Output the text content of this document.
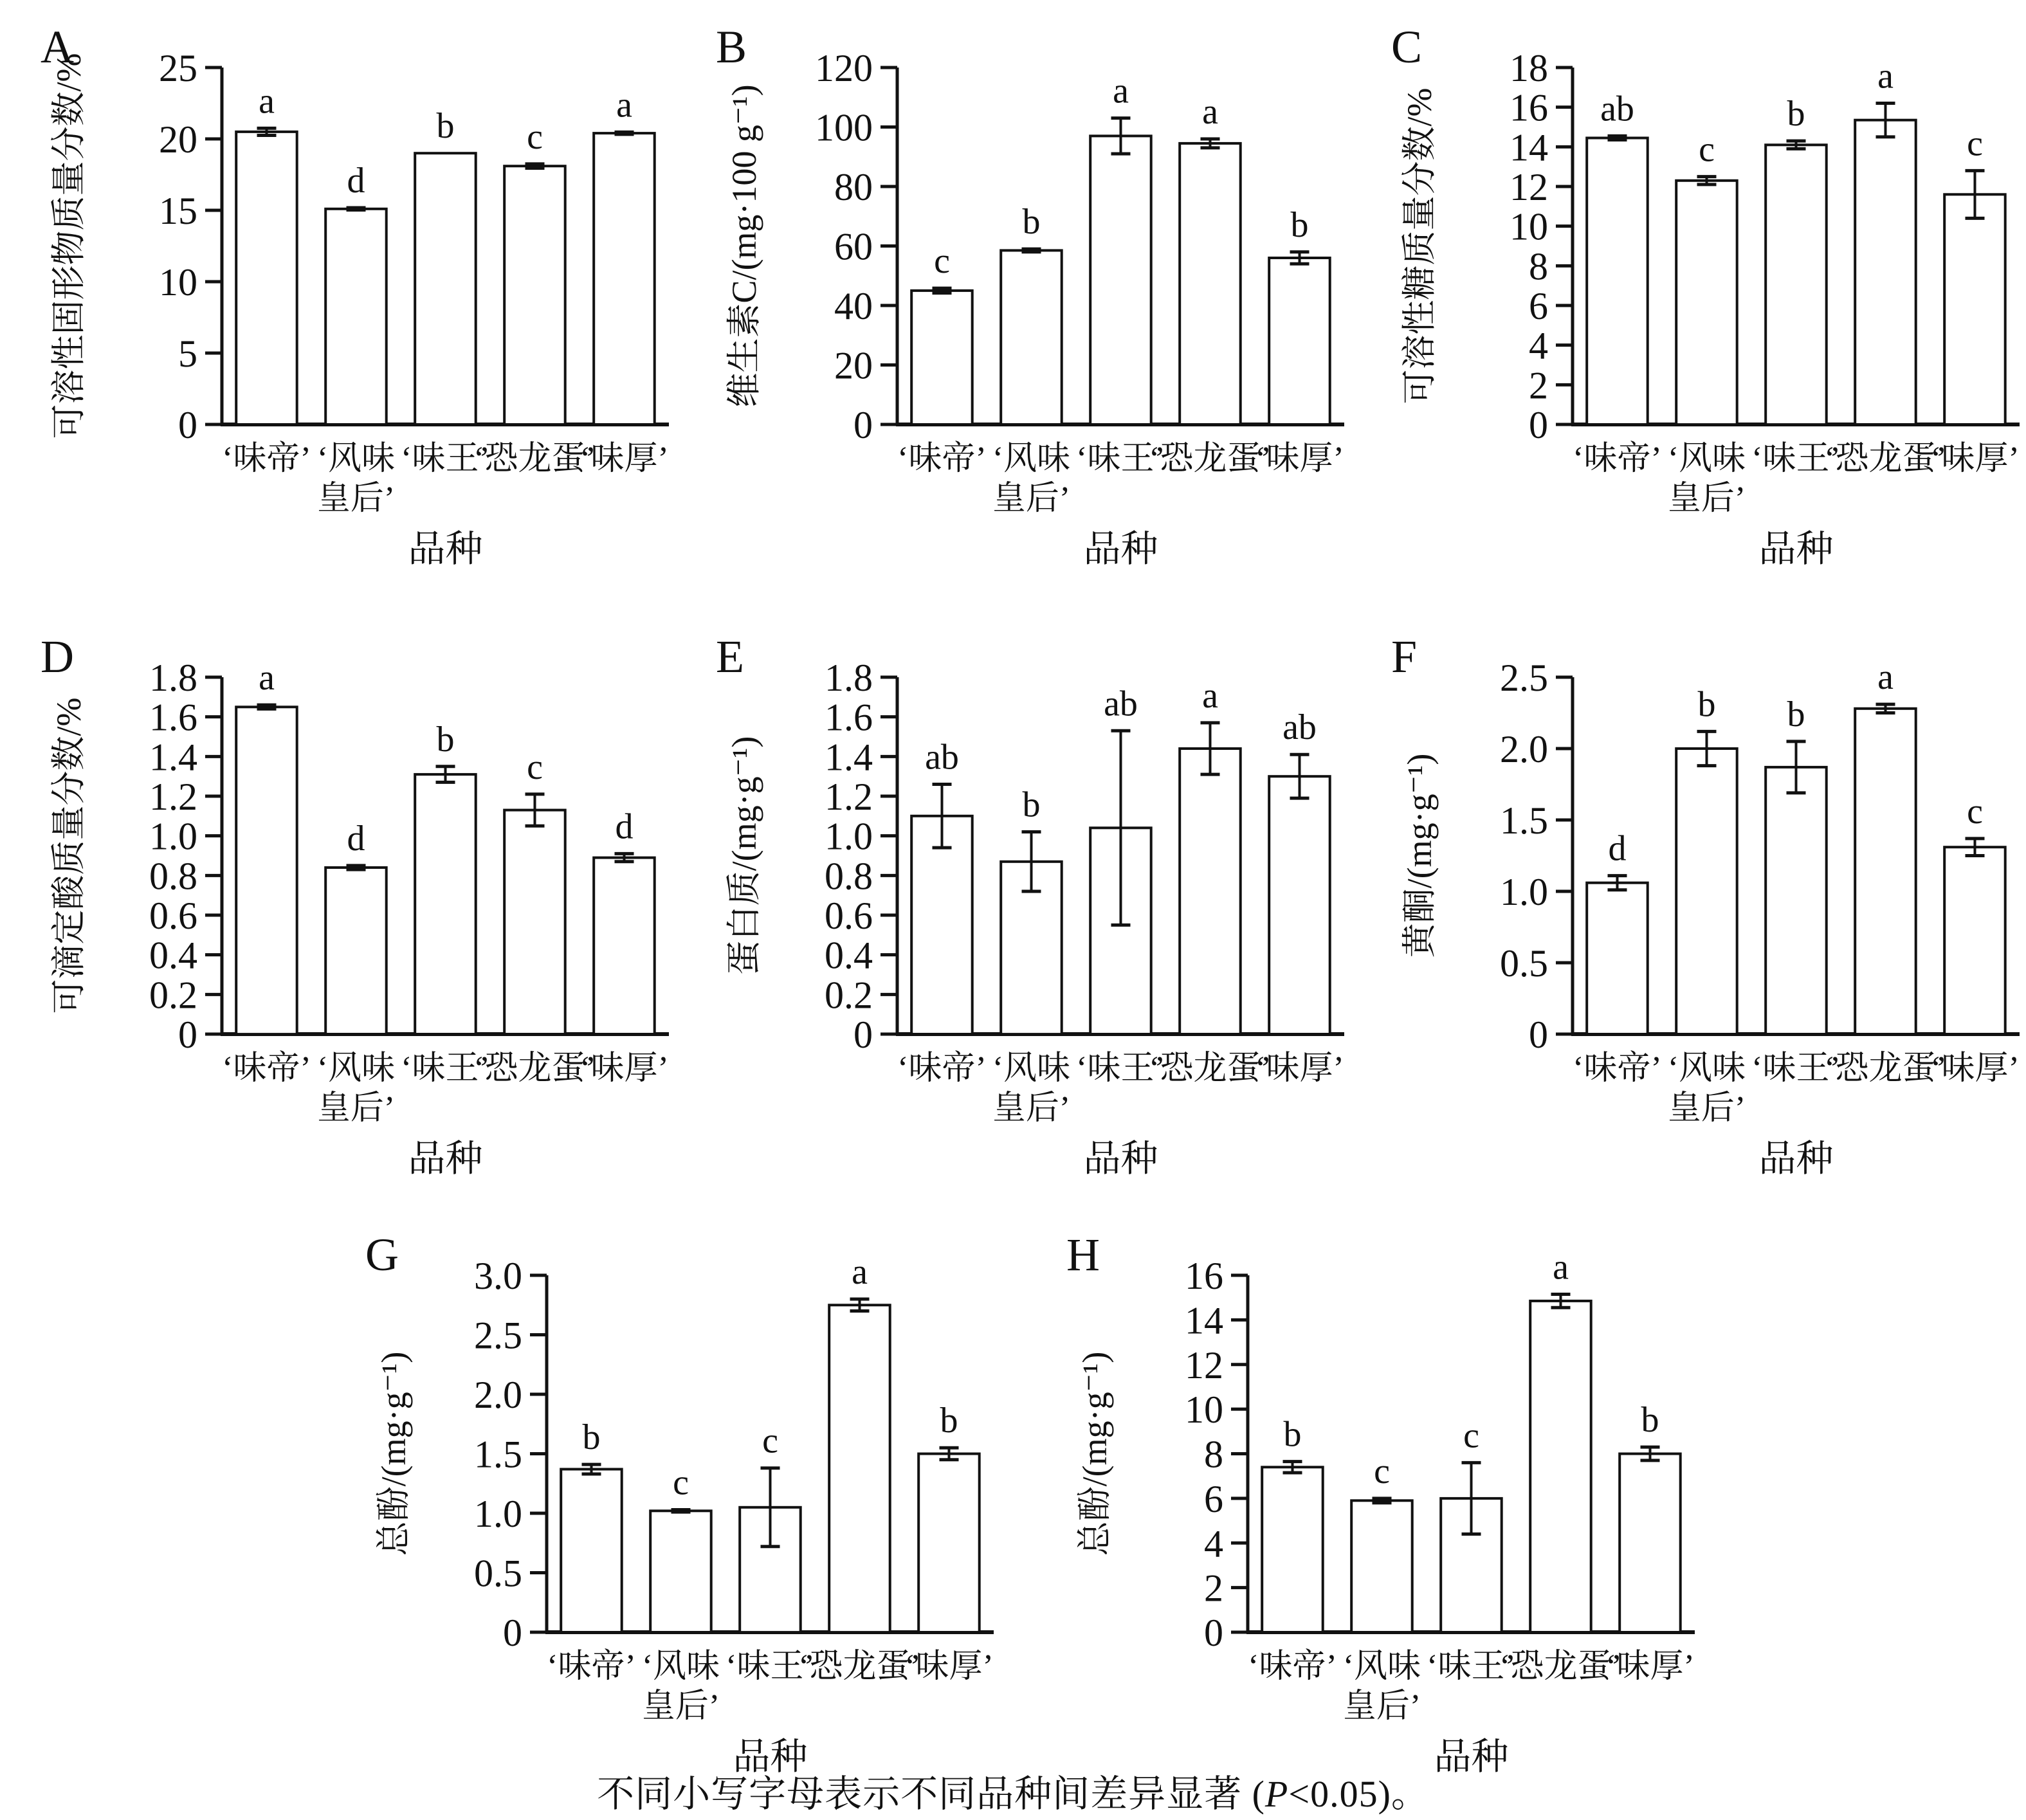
A
0
5
10
15
20
25
可溶性固形物质量分数/%	a
‘味帝’
d
‘风味
皇后’
b
‘味王’
c
‘恐龙蛋’
a
‘味厚’
品种
B
0
20
40
60
80
100
120
维生素C/(mg·100 g⁻¹)	c
‘味帝’
b
‘风味
皇后’
a
‘味王’
a
‘恐龙蛋’
b
‘味厚’
品种
C
0
2
4
6
8
10
12
14
16
18
可溶性糖质量分数/%	ab
‘味帝’
c
‘风味
皇后’
b
‘味王’
a
‘恐龙蛋’
c
‘味厚’
品种
D
0
0.2
0.4
0.6
0.8
1.0
1.2
1.4
1.6
1.8
可滴定酸质量分数/%
a
‘味帝’
d
‘风味
皇后’
b
‘味王’
c
‘恐龙蛋’
d
‘味厚’
品种
E
0
0.2
0.4
0.6
0.8
1.0
1.2
1.4
1.6
1.8
蛋白质/(mg·g⁻¹)	ab
‘味帝’
b
‘风味
皇后’
ab
‘味王’
a
‘恐龙蛋’
ab
‘味厚’
品种
F
0
0.5
1.0
1.5
2.0
2.5
黄酮/(mg·g⁻¹)	d
‘味帝’
b
‘风味
皇后’
b
‘味王’
a
‘恐龙蛋’
c
‘味厚’
品种
G
0
0.5
1.0
1.5
2.0
2.5
3.0
总酚/(mg·g⁻¹)	b
‘味帝’
c
‘风味
皇后’
c
‘味王’
a
‘恐龙蛋’
b
‘味厚’
品种
H
0
2
4
6
8
10
12
14
16
总酚/(mg·g⁻¹)	b
‘味帝’
c
‘风味
皇后’
c
‘味王’
a
‘恐龙蛋’
b
‘味厚’
品种
不同小写字母表示不同品种间差异显著 (P<0.05)。
